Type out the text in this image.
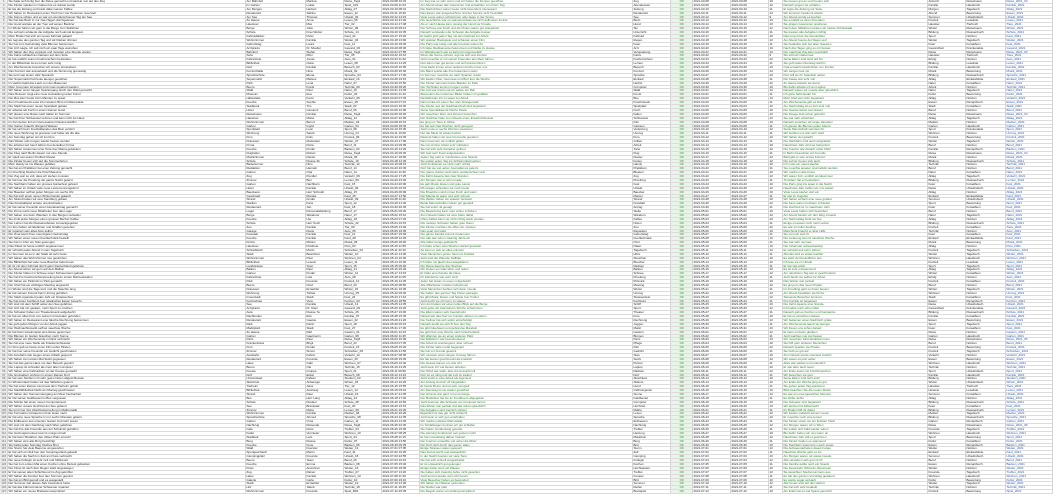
1	Sie hatte sich fertig fuer die Reise gemacht und wartete nun auf den Zug	Am Bahnhof	Martina	Reise_Tag1	2021-03-08 10:22	Im Zug war es sehr warm und wir haben die Fenster geoeffnet	Zug	OK	2021-03-08	2021-03-08	10	Sie kamen gut an und freuten sich	Ankunft	Reisebuero	Reise_2021_03
2	Die Kinder spielten im Garten bis es dunkel wurde	Im Garten	Lukas	Spiel_A01	2021-03-09 11:04	Am Abend assen alle zusammen und erzaehlten von ihrem Tag	Abendessen	OK	2021-03-09	2021-03-09	12	Danach gingen sie schlafen	Familie	Hausbuch	Familie_2021
3	Er las die Zeitung und trank dabei seinen Kaffee	Am Morgen	Herbert	Alltag_07	2021-03-10 08:41	Die Nachrichten waren heute nicht besonders interessant	Zeitung	OK	2021-03-10	2021-03-10	11	Er legte die Zeitung zur Seite	Morgen	Tagebuch	Alltag_2021
4	Wir haben im Restaurant einen Tisch fuer vier Personen reserviert	Restaurant	Sabine	Essen_12	2021-03-11 19:30	Das Essen war ausgezeichnet und der Service sehr freundlich	Restaurant	OK	2021-03-11	2021-03-11	14	Wir kommen bestimmt wieder	Abend	Bewertung	Essen_2021
5	Die Sonne schien und es war ein wunderschoener Tag am See	Am See	Thomas	Urlaub_03	2021-03-12 14:15	Viele Leute waren schwimmen oder lagen in der Sonne	See	OK	2021-03-12	2021-03-12	9	Am Abend wurde es kuehler	Sommer	Urlaubsbuch	Urlaub_2021
6	Sie hat das Buch in nur zwei Tagen durchgelesen	Zu Hause	Anna	Lesen_05	2021-03-13 21:02	Die Geschichte war so spannend dass sie nicht aufhoeren konnte	Buch	OK	2021-03-13	2021-03-13	13	Sie empfahl es ihren Freunden	Freizeit	Leseliste	Lesen_2021
7	Der Hund wartete an der Tuer auf seinen Besitzer	Haustuer	Max	Tier_02	2021-03-14 17:48	Als er nach Hause kam, sprang der Hund vor Freude	Hund	OK	2021-03-14	2021-03-14	10	Sie gingen zusammen spazieren	Haustier	Tierbuch	Tiere_2021
8	Im Winter fahren wir gern in die Berge zum Skifahren	Berge	Julia	Winter_09	2021-03-15 09:12	Der Schnee war frisch und die Pisten waren gut praepariert	Ski	OK	2021-03-15	2021-03-15	12	Nach dem Skifahren tranken wir heisse Schokolade	Winter	Reisebuero	Winter_2021
9	Die Lehrerin erklaerte die Aufgabe noch einmal langsam	Schule	Frau Weber	Schule_14	2021-03-16 10:35	Danach verstanden die Schueler die Aufgabe besser	Unterricht	OK	2021-03-16	2021-03-16	11	Sie loesten alle Aufgaben richtig	Bildung	Klassenbuch	Schule_2021
10	Mein Bruder hat sich ein neues Fahrrad gekauft	Fahrradladen	Peter	Kauf_21	2021-03-17 15:20	Er faehrt jetzt jeden Tag mit dem Fahrrad zur Arbeit	Fahrrad	OK	2021-03-17	2021-03-17	10	Das ist gut fuer die Gesundheit	Sport	Notizen	Kauf_2021
11	Es regnete den ganzen Tag und wir blieben drinnen	Wohnzimmer	Familie	Wetter_04	2021-03-18 13:00	Wir spielten Brettspiele und schauten einen Film	Regen	OK	2021-03-18	2021-03-18	12	Am Abend hoerte der Regen auf	Wetter	Tagebuch	Wetter_2021
12	Sie hat zum Geburtstag viele Blumen bekommen	Geburtstag	Laura	Fest_11	2021-03-19 18:45	Die Party war lustig und alle Freunde waren da	Feier	OK	2021-03-19	2021-03-19	11	Sie bedankte sich bei allen Gaesten	Feier	Fotoalbum	Fest_2021
13	Der Arzt sagte, ich soll mich ein paar Tage ausruhen	Arztpraxis	Dr. Mueller	Gesund_06	2021-03-20 08:30	Ich habe Medikamente bekommen und bleibe zu Hause	Arzt	OK	2021-03-20	2021-03-20	10	Nach drei Tagen ging es mir besser	Gesundheit	Krankenakte	Gesund_2021
14	Wir haben den Zug verpasst und mussten eine Stunde warten	Bahnhof	Stefan	Reise_Tag2	2021-03-21 07:55	Im Wartebereich war es kalt und ungemuetlich	Verspaetung	OK	2021-03-21	2021-03-21	13	Der naechste Zug kam puenktlich	Reise	Reisebuero	Reise_2021_03
15	Die Katze schlaeft am liebsten auf dem Sofa	Sofa	Mimi	Tier_05	2021-03-22 16:10	Wenn die Sonne scheint, legt sie sich ans Fenster	Katze	OK	2021-03-22	2021-03-22	9	Sie schnurrt dabei laut	Haustier	Tierbuch	Tiere_2021
16	Er hat endlich seinen Fuehrerschein bestanden	Fahrschule	Jonas	Auto_01	2021-03-23 11:40	Jetzt moechte er mit seinen Freunden ans Meer fahren	Fuehrerschein	OK	2021-03-23	2021-03-23	12	Seine Eltern sind stolz auf ihn	Erfolg	Notizen	Auto_2021
17	In der Bibliothek ist es immer sehr ruhig	Bibliothek	Clara	Lesen_08	2021-03-24 14:25	Dort kann man gut lernen und sich konzentrieren	Lernen	OK	2021-03-24	2021-03-24	11	Sie geht jeden Dienstag dorthin	Bildung	Leseliste	Lesen_2021
18	Am Wochenende besuchen wir unsere Grosseltern	Dorf	Familie	Besuch_03	2021-03-25 10:05	Oma backt immer einen leckeren Kuchen fuer uns	Besuch	OK	2021-03-25	2021-03-25	10	Opa erzaehlt Geschichten von frueher	Familie	Hausbuch	Familie_2021
19	Das Konzert war ausverkauft und die Stimmung grossartig	Konzerthalle	Nina	Musik_02	2021-03-26 20:30	Die Band spielte alle ihre bekannten Lieder	Konzert	OK	2021-03-26	2021-03-26	14	Wir sangen laut mit	Musik	Bewertung	Musik_2021
20	Sie lernt seit einem Jahr Spanisch	Sprachschule	Elena	Sprache_04	2021-03-27 17:00	Im Sommer moechte sie nach Spanien reisen	Sprache	OK	2021-03-27	2021-03-27	10	Dort will sie ihr Spanisch ueben	Bildung	Klassenbuch	Sprache_2021
21	Der Supermarkt hat heute laenger geoeffnet	Supermarkt	Markus	Einkauf_16	2021-03-28 19:15	Wir kaufen Obst, Gemuese und Brot fuer die Woche	Einkauf	OK	2021-03-28	2021-03-28	11	Die Kasse war sehr voll	Alltag	Einkaufsliste	Einkauf_2021
22	Im Herbst faellt das Laub von den Baeumen	Park	Lena	Natur_07	2021-03-29 15:50	Die Kinder sammeln bunte Blaetter im Park	Herbst	OK	2021-03-29	2021-03-29	12	Zu Hause basteln sie damit	Natur	Fotoalbum	Natur_2021
23	Mein Computer ist kaputt und muss repariert werden	Buero	Frank	Technik_09	2021-03-30 09:20	Der Techniker kommt morgen vorbei	Computer	OK	2021-03-30	2021-03-30	10	Bis dahin arbeite ich am Laptop	Arbeit	Notizen	Technik_2021
24	Wir haben einen langen Spaziergang durch den Wald gemacht	Wald	Paul	Natur_10	2021-03-31 13:35	Die Luft war frisch und wir sahen ein Reh	Wald	OK	2021-03-31	2021-03-31	12	Danach waren wir muede aber gluecklich	Natur	Tagebuch	Natur_2021
25	Das Museum zeigt eine neue Ausstellung ueber Kunst	Museum	Eva	Kultur_03	2021-04-01 11:10	Besonders die modernen Bilder haben mir gefallen	Kunst	OK	2021-04-01	2021-04-01	11	Ich gehe bald wieder hin	Kultur	Bewertung	Kultur_2021
26	Der Bus kam heute zehn Minuten zu spaet	Haltestelle	Kevin	Verkehr_05	2021-04-02 07:45	Deshalb kam ich zu spaet zur Arbeit	Bus	OK	2021-04-02	2021-04-02	10	Mein Chef war nicht begeistert	Alltag	Notizen	Verkehr_2021
27	Zum Fruehstueck esse ich meistens Brot mit Marmelade	Kueche	Sophie	Essen_18	2021-04-03 07:10	Dazu trinke ich einen Tee oder Orangensaft	Fruehstueck	OK	2021-04-03	2021-04-03	11	Am Wochenende gibt es Eier	Essen	Rezeptbuch	Essen_2021
28	Die Stadt hat einen neuen Spielplatz gebaut	Stadtpark	Tim	Stadt_02	2021-04-04 16:30	Die Kinder aus der Nachbarschaft sind begeistert	Spielplatz	OK	2021-04-04	2021-04-04	12	Am Nachmittag ist es dort sehr voll	Stadt	Fotoalbum	Stadt_2021
29	Er arbeitet als Koch in einem kleinen Hotel	Hotel	Giovanni	Beruf_06	2021-04-05 12:00	Seine Spezialitaet ist frische Pasta	Koch	OK	2021-04-05	2021-04-05	10	Die Gaeste lieben sein Essen	Beruf	Notizen	Beruf_2021
30	Wir planen eine Reise nach Italien im Sommer	Reisebuero	Familie	Reise_Tag3	2021-04-06 18:20	Wir moechten Rom und Florenz besuchen	Italien	OK	2021-04-06	2021-04-06	13	Die Fluege sind schon gebucht	Reise	Reisebuero	Reise_2021_04
31	Sie hat ihren Schluessel verloren und kam nicht ins Haus	Haustuer	Maria	Alltag_12	2021-04-07 22:05	Der Nachbar hatte zum Glueck einen Ersatzschluessel	Schluessel	OK	2021-04-07	2021-04-07	12	Sie war sehr erleichtert	Alltag	Tagebuch	Alltag_2021
32	Im Fernsehen lief ein interessanter Dokumentarfilm	Wohnzimmer	Bernd	Medien_03	2021-04-08 20:15	Es ging um Tiere in Afrika	Film	OK	2021-04-08	2021-04-08	10	Danach sprachen wir lange darueber	Medien	Notizen	Medien_2021
33	Der Garten braucht dringend Wasser	Garten	Ingrid	Garten_04	2021-04-09 18:40	Es hat seit zwei Wochen nicht geregnet	Giessen	OK	2021-04-09	2021-04-09	11	Ich giesse die Blumen jeden Abend	Garten	Hausbuch	Garten_2021
34	Er hat sich beim Fussballspielen das Bein verletzt	Sportplatz	Leon	Sport_08	2021-04-10 15:30	Jetzt muss er sechs Wochen pausieren	Verletzung	OK	2021-04-10	2021-04-10	12	Seine Mannschaft vermisst ihn	Sport	Krankenakte	Sport_2021
35	Die neue Wohnung ist groesser und heller als die alte	Wohnung	Sarah	Umzug_01	2021-04-11 10:00	Nur die Miete ist etwas hoeher	Umzug	OK	2021-04-11	2021-04-11	11	Wir fuehlen uns dort sehr wohl	Wohnen	Notizen	Umzug_2021
36	Am Sonntag gehen wir oft ins Kino	Kino	Felix	Freizeit_09	2021-04-12 19:45	Diesmal haben wir eine Komoedie gesehen	Kino	OK	2021-04-12	2021-04-12	10	Wir haben viel gelacht	Freizeit	Bewertung	Freizeit_2021
37	Das Wetter soll morgen wieder besser werden	Draussen	Moderator	Wetter_07	2021-04-13 17:00	Dann koennen wir endlich grillen	Grillen	OK	2021-04-13	2021-04-13	11	Die Nachbarn sind auch eingeladen	Wetter	Tagebuch	Wetter_2021
38	Sie arbeitet seit fuenf Jahren bei derselben Firma	Firma	Petra	Beruf_11	2021-04-14 09:05	Sie ist mit ihrer Arbeit sehr zufrieden	Arbeit	OK	2021-04-14	2021-04-14	10	Naechstes Jahr wird sie befoerdert	Beruf	Notizen	Beruf_2021
39	Wir haben zusammen eine Torte fuer Mama gebacken	Kueche	Kinder	Backen_02	2021-04-15 14:20	Sie hat sich sehr darueber gefreut	Torte	OK	2021-04-15	2021-04-15	12	Die Kueche war danach voller Mehl	Familie	Rezeptbuch	Backen_2021
40	Der Flug nach Berlin dauert nur eine Stunde	Flughafen	Robert	Reise_Tag4	2021-04-16 06:30	Wir sind sehr frueh aufgestanden	Flug	OK	2021-04-16	2021-04-16	11	In Berlin besuchten wir Freunde	Reise	Reisebuero	Reise_2021_04
41	Er spielt seit seiner Kindheit Klavier	Musikzimmer	Daniel	Musik_06	2021-04-17 18:00	Jeden Tag uebt er mindestens eine Stunde	Klavier	OK	2021-04-17	2021-04-17	10	Bald gibt er sein erstes Konzert	Musik	Notizen	Musik_2021
42	Die Kinder freuen sich auf die Sommerferien	Schule	Klasse 4b	Schule_19	2021-04-18 12:30	Sie wollen jeden Tag ins Schwimmbad gehen	Ferien	OK	2021-04-18	2021-04-18	12	Die Lehrer freuen sich auch	Bildung	Klassenbuch	Schule_2021
43	Mein Handy ist ins Wasser gefallen	Badezimmer	Nico	Technik_12	2021-04-19 08:15	Jetzt funktioniert es nicht mehr richtig	Handy	OK	2021-04-19	2021-04-19	10	Ich muss ein neues kaufen	Technik	Notizen	Technik_2021
44	Sie hat ein Praktikum bei einer Zeitung gemacht	Redaktion	Hannah	Beruf_14	2021-04-20 10:45	Dort hat sie viel ueber Journalismus gelernt	Praktikum	OK	2021-04-20	2021-04-20	11	Sie moechte spaeter Journalistin werden	Beruf	Notizen	Beruf_2021
45	Im Fruehling bluehen die Kirschbaeume	Garten	Opa	Natur_14	2021-04-21 11:30	Der ganze Garten sieht dann wunderschoen aus	Blueten	OK	2021-04-21	2021-04-21	10	Wir machen viele Fotos	Natur	Fotoalbum	Natur_2021
46	Der Zug war so voll, dass wir stehen mussten	Zug	Pendler	Verkehr_09	2021-04-22 17:25	Die Fahrt dauerte fast zwei Stunden	Zug	OK	2021-04-22	2021-04-22	12	Wir waren froh, endlich anzukommen	Alltag	Tagebuch	Verkehr_2021
47	Er hat fuer die Pruefung die ganze Nacht gelernt	Zimmer	Ben	Lernen_06	2021-04-23 23:40	Am Morgen war er sehr muede	Pruefung	OK	2021-04-23	2021-04-23	11	Trotzdem hat er bestanden	Bildung	Klassenbuch	Lernen_2021
48	Die Nachbarn haben ein grosses Gartenfest gefeiert	Garten	Nachbarn	Fest_15	2021-04-24 20:00	Es gab Musik, Essen und gute Laune	Fest	OK	2021-04-24	2021-04-24	10	Die Party ging bis spaet in die Nacht	Feier	Fotoalbum	Fest_2021
49	Wir haben im Urlaub viele neue Leute kennengelernt	Hotel	Familie	Urlaub_06	2021-04-25 16:15	Mit einigen schreiben wir noch heute	Urlaub	OK	2021-04-25	2021-04-25	12	Naechstes Jahr treffen wir uns wieder	Reise	Urlaubsbuch	Urlaub_2021
50	Der Baecker oeffnet jeden Morgen um sechs Uhr	Baeckerei	Herr Schmidt	Alltag_15	2021-04-26 06:00	Die Broetchen sind immer frisch und warm	Baecker	OK	2021-04-26	2021-04-26	10	Viele Leute kaufen dort ein	Alltag	Notizen	Alltag_2021
51	Sie hat sich einen neuen Wintermantel gekauft	Geschaeft	Monika	Kauf_25	2021-04-27 14:50	Der Mantel ist warm und sehr schoen	Mantel	OK	2021-04-27	2021-04-27	11	Er war im Angebot	Einkauf	Einkaufsliste	Kauf_2021
52	Am Strand haben wir eine Sandburg gebaut	Strand	Kinder	Urlaub_09	2021-04-28 11:20	Die Wellen haben sie spaeter zerstoert	Strand	OK	2021-04-28	2021-04-28	10	Wir haben einfach eine neue gebaut	Sommer	Urlaubsbuch	Urlaub_2021
53	Das Fussballspiel endete unentschieden	Stadion	Fans	Sport_12	2021-04-29 21:30	Beide Mannschaften haben gut gespielt	Fussball	OK	2021-04-29	2021-04-29	12	Die Fans waren trotzdem zufrieden	Sport	Bewertung	Sport_2021
54	Er hat seiner Freundin einen Heiratsantrag gemacht	Restaurant	Jan	Fest_18	2021-04-30 20:45	Sie hat sofort Ja gesagt	Antrag	OK	2021-04-30	2021-04-30	11	Die Hochzeit ist im naechsten Jahr	Feier	Fotoalbum	Fest_2021
55	Die Firma sucht neue Mitarbeiter fuer das Lager	Lager	Personalabteilung	Beruf_17	2021-05-01 09:30	Die Bewerbung kann man online schicken	Stelle	OK	2021-05-01	2021-05-01	10	Viele Leute haben sich beworben	Beruf	Notizen	Beruf_2021
56	Wir haben uns beim Wandern in den Bergen verlaufen	Berge	Wanderer	Natur_17	2021-05-02 15:10	Zum Glueck hatten wir eine Karte dabei	Wandern	OK	2021-05-02	2021-05-02	12	Am Abend fanden wir den Weg zurueck	Natur	Tagebuch	Natur_2021
57	Sie trinkt jeden Morgen einen grossen Becher Kaffee	Kueche	Ute	Alltag_18	2021-05-03 07:20	Ohne Kaffee kann sie nicht richtig wach werden	Kaffee	OK	2021-05-03	2021-05-03	10	Am Nachmittag trinkt sie Tee	Alltag	Notizen	Alltag_2021
58	Der Lehrer hat die Klassenarbeiten zurueckgegeben	Schule	Herr Koch	Schule_22	2021-05-04 10:15	Die meisten Schueler hatten gute Noten	Noten	OK	2021-05-04	2021-05-04	11	Einige muessen noch mehr ueben	Bildung	Klassenbuch	Schule_2021
59	Im Zoo haben wir Elefanten und Giraffen gesehen	Zoo	Familie	Tier_09	2021-05-05 13:40	Die Kinder mochten die Affen am meisten	Zoo	OK	2021-05-05	2021-05-05	12	Es war ein toller Ausflug	Freizeit	Fotoalbum	Tiere_2021
60	Er repariert sein altes Auto selbst	Garage	Klaus	Auto_05	2021-05-06 16:05	Das spart viel Geld	Reparatur	OK	2021-05-06	2021-05-06	10	Manchmal braucht er aber Hilfe	Technik	Notizen	Auto_2021
61	Die Oma feiert ihren neunzigsten Geburtstag	Festsaal	Familie	Fest_21	2021-05-07 15:00	Die ganze Familie kommt zusammen	Geburtstag	OK	2021-05-07	2021-05-07	11	Sie ist noch sehr fit	Feier	Fotoalbum	Fest_2021
62	Wir haben einen neuen Kuehlschrank bestellt	Kueche	Familie	Kauf_28	2021-05-08 12:25	Der alte war schon zwanzig Jahre alt	Kuehlschrank	OK	2021-05-08	2021-05-08	10	Die Lieferung kommt naechste Woche	Einkauf	Einkaufsliste	Kauf_2021
63	Sie hat im Chor ein Solo gesungen	Kirche	Miriam	Musik_09	2021-05-09 18:30	Alle haben lange geklatscht	Chor	OK	2021-05-09	2021-05-09	11	Sie war sehr nervoes	Musik	Bewertung	Musik_2021
64	Das Paket ist heute endlich angekommen	Haustuer	Postbote	Post_03	2021-05-10 11:55	Ich hatte schon zwei Wochen darauf gewartet	Paket	OK	2021-05-10	2021-05-10	10	Der Inhalt war unbeschaedigt	Alltag	Notizen	Post_2021
65	Er schreibt jeden Abend in sein Tagebuch	Schreibtisch	Moritz	Schreiben_02	2021-05-11 22:10	So kann er sich an alles erinnern	Tagebuch	OK	2021-05-11	2021-05-11	12	Er schreibt seit zehn Jahren	Freizeit	Tagebuch	Schreiben_2021
66	Im Sommer ist es in der Stadt oft sehr heiss	Stadt	Bewohner	Wetter_10	2021-05-12 14:00	Viele Menschen gehen dann ins Freibad	Hitze	OK	2021-05-12	2021-05-12	11	Abends wird es etwas kuehler	Wetter	Tagebuch	Wetter_2021
67	Wir haben das Wohnzimmer neu gestrichen	Wohnzimmer	Paar	Wohnen_04	2021-05-13 10:30	Jetzt sind die Waende hellblau	Streichen	OK	2021-05-13	2021-05-13	10	Es sieht viel freundlicher aus	Wohnen	Hausbuch	Wohnen_2021
68	Die Bibliothek hat viele neue Buecher bekommen	Bibliothek	Leserin	Lesen_11	2021-05-14 16:20	Ich habe mir gleich drei ausgeliehen	Buecher	OK	2021-05-14	2021-05-14	12	Ich lese sie im Urlaub	Freizeit	Leseliste	Lesen_2021
69	Er ist mit dem Fahrrad durch ganz Deutschland gefahren	Landstrasse	Sven	Sport_15	2021-05-15 09:00	Die Reise dauerte drei Wochen	Radtour	OK	2021-05-15	2021-05-15	11	Er hat viel erlebt	Sport	Tagebuch	Sport_2021
70	Am Abend sitzen wir gern auf dem Balkon	Balkon	Paar	Alltag_21	2021-05-16 20:40	Wir trinken ein Glas Wein und reden	Balkon	OK	2021-05-16	2021-05-16	10	Es ist sehr entspannend	Alltag	Tagebuch	Alltag_2021
71	Die Kinder haben im Schnee einen Schneemann gebaut	Garten	Kinder	Winter_12	2021-05-17 13:15	Er hatte eine Karotte als Nase	Schnee	OK	2021-05-17	2021-05-17	12	Am naechsten Tag war er geschmolzen	Winter	Fotoalbum	Winter_2021
72	Sie hat ihre Fuehrerscheinpruefung beim ersten Mal bestanden	Fahrschule	Lisa	Auto_08	2021-05-18 11:05	Ihr Fahrlehrer war sehr stolz	Pruefung	OK	2021-05-18	2021-05-18	11	Jetzt faehrt sie selbst zur Arbeit	Erfolg	Notizen	Auto_2021
73	Wir haben ein Picknick im Park gemacht	Park	Freunde	Freizeit_12	2021-05-19 12:45	Jeder hat etwas zu essen mitgebracht	Picknick	OK	2021-05-19	2021-05-19	10	Das Wetter war perfekt	Freizeit	Fotoalbum	Freizeit_2021
74	Der Chef hat ein wichtiges Meeting angesetzt	Buero	Chef	Beruf_20	2021-05-20 08:50	Alle Mitarbeiter mussten teilnehmen	Meeting	OK	2021-05-20	2021-05-20	12	Es ging um das neue Projekt	Beruf	Notizen	Beruf_2021
75	Im Winter sind die Tage kurz und die Naechte lang	Draussen	Erzaehler	Winter_15	2021-05-21 16:30	Viele Menschen fuehlen sich dann muede	Winter	OK	2021-05-21	2021-05-21	11	Im Fruehling geht es ihnen besser	Winter	Tagebuch	Winter_2021
76	Er hat seinem Freund beim Umzug geholfen	Wohnung	Tobias	Umzug_05	2021-05-22 09:40	Sie haben den ganzen Tag Kisten getragen	Umzug	OK	2021-05-22	2021-05-22	10	Am Abend bestellten sie Pizza	Wohnen	Notizen	Umzug_2021
77	Die Stadt organisiert jedes Jahr ein Strassenfest	Innenstadt	Stadt	Fest_24	2021-05-23 17:10	Es gibt Musik, Essen und Spiele fuer Kinder	Strassenfest	OK	2021-05-23	2021-05-23	12	Tausende Besucher kommen	Stadt	Fotoalbum	Fest_2021
78	Sie hat einen Kochkurs fuer asiatisches Essen besucht	Kochschule	Vera	Kochen_03	2021-05-24 18:55	Jetzt kocht sie oft Curry zu Hause	Kochkurs	OK	2021-05-24	2021-05-24	11	Ihre Familie ist begeistert	Essen	Rezeptbuch	Kochen_2021
79	Wir sind mit dem Schiff ueber den See gefahren	See	Familie	Urlaub_12	2021-05-25 14:35	Von dort hatten wir einen tollen Blick auf die Berge	Schiff	OK	2021-05-25	2021-05-25	10	Die Fahrt dauerte eine Stunde	Reise	Urlaubsbuch	Urlaub_2021
80	Der Arzt hat mir geraten, mehr Sport zu machen	Arztpraxis	Dr. Klein	Gesund_09	2021-05-26 10:20	Jetzt gehe ich zweimal pro Woche schwimmen	Sport	OK	2021-05-26	2021-05-26	12	Ich fuehle mich schon fitter	Gesundheit	Krankenakte	Gesund_2021
81	Die Schueler haben ein Theaterstueck aufgefuehrt	Aula	Klasse 7a	Schule_25	2021-05-27 19:00	Die Eltern waren sehr beeindruckt	Theater	OK	2021-05-27	2021-05-27	11	Danach gab es Kuchen und Getraenke	Bildung	Klassenbuch	Schule_2021
82	Er hat ein altes Foto von seinem Grossvater gefunden	Dachboden	Erik	Familie_07	2021-05-28 15:45	Darauf war das Dorf vor hundert Jahren zu sehen	Foto	OK	2021-05-28	2021-05-28	10	Er hat es einrahmen lassen	Familie	Fotoalbum	Familie_2021
83	Wir haben im Restaurant eine falsche Rechnung bekommen	Restaurant	Gaeste	Essen_22	2021-05-29 21:20	Der Kellner hat sich sofort entschuldigt	Rechnung	OK	2021-05-29	2021-05-29	12	Wir bekamen einen Nachtisch gratis	Essen	Bewertung	Essen_2021
84	Sie geht jeden Morgen vor der Arbeit joggen	Park	Katrin	Sport_18	2021-05-30 06:15	Danach fuehlt sie sich fit fuer den Tag	Joggen	OK	2021-05-30	2021-05-30	11	Am Wochenende laeuft sie laenger	Sport	Tagebuch	Sport_2021
85	Der Weihnachtsmarkt oeffnet naechste Woche	Marktplatz	Stadt	Fest_27	2021-05-31 17:30	Es gibt Gluehwein und gebrannte Mandeln	Markt	OK	2021-05-31	2021-05-31	10	Wir freuen uns schon darauf	Feier	Fotoalbum	Fest_2021
86	Er hat beim Gewinnspiel eine Reise gewonnen	Zu Hause	Ralf	Gewinn_01	2021-06-01 12:10	Es geht fuer eine Woche nach Griechenland	Gewinn	OK	2021-06-01	2021-06-01	12	Er kann es kaum glauben	Reise	Notizen	Gewinn_2021
87	Die Blumen im Garten brauchen mehr Sonne	Garten	Gaertnerin	Garten_08	2021-06-02 11:25	Wir pflanzen sie an einen anderen Platz	Blumen	OK	2021-06-02	2021-06-02	11	Jetzt wachsen sie viel besser	Garten	Hausbuch	Garten_2021
88	Wir haben ein Wochenende in Paris verbracht	Paris	Paar	Reise_Tag5	2021-06-03 16:00	Der Eiffelturm war beeindruckend	Paris	OK	2021-06-03	2021-06-03	13	Wir moechten bald wiederkommen	Reise	Reisebuero	Reise_2021_06
89	Sie hat eine neue Stelle als Krankenschwester	Krankenhaus	Birgit	Beruf_23	2021-06-04 07:35	Die Arbeit ist anstrengend, aber schoen	Pflege	OK	2021-06-04	2021-06-04	10	Sie hilft gern anderen Menschen	Beruf	Notizen	Beruf_2021
90	Im Kino gab es heute einen Film ueber Piraten	Kino	Kinder	Freizeit_15	2021-06-05 15:20	Die Kinder waren total begeistert	Film	OK	2021-06-05	2021-06-05	12	Danach spielten sie Piraten	Freizeit	Bewertung	Freizeit_2021
91	Er hat fuer seine Freundin ein Gedicht geschrieben	Zimmer	Simon	Schreiben_05	2021-06-06 21:50	Sie hat vor Freude geweint	Gedicht	OK	2021-06-06	2021-06-06	11	Sie hebt es gut auf	Freizeit	Tagebuch	Schreiben_2021
92	Die Autobahn war wegen eines Unfalls gesperrt	Autobahn	Fahrer	Verkehr_12	2021-06-07 08:05	Wir mussten einen langen Umweg fahren	Stau	OK	2021-06-07	2021-06-07	10	Zum Glueck wurde niemand verletzt	Verkehr	Notizen	Verkehr_2021
93	Wir haben zum ersten Mal Sushi gegessen	Restaurant	Freunde	Essen_25	2021-06-08 19:35	Es hat besser geschmeckt als erwartet	Sushi	OK	2021-06-08	2021-06-08	12	Wir essen es jetzt oefter	Essen	Bewertung	Essen_2021
94	Sie hat das ganze Haus vor dem Besuch geputzt	Haus	Gabi	Wohnen_07	2021-06-09 10:40	Die Gaeste kamen um drei Uhr	Putzen	OK	2021-06-09	2021-06-09	11	Alles war sauber und ordentlich	Wohnen	Hausbuch	Wohnen_2021
95	Der Laptop ist schneller als mein alter Computer	Buero	Ole	Technik_15	2021-06-10 13:25	Jetzt kann ich viel besser arbeiten	Laptop	OK	2021-06-10	2021-06-10	10	Er war aber auch teuer	Technik	Notizen	Technik_2021
96	Wir haben eine Fahrradtour an der Kueste gemacht	Kueste	Gruppe	Sport_21	2021-06-11 09:50	Der Wind war stark, aber die Aussicht toll	Radtour	OK	2021-06-11	2021-06-11	12	Am Ende assen wir Fischbroetchen	Sport	Urlaubsbuch	Sport_2021
97	Die Grosseltern wohnen in einem kleinen Dorf	Dorf	Enkel	Besuch_08	2021-06-12 14:10	Dort ist es ruhig und die Luft ist sauber	Dorf	OK	2021-06-12	2021-06-12	11	Wir besuchen sie gern	Familie	Hausbuch	Familie_2021
98	Er hat sein Studium mit sehr guten Noten abgeschlossen	Universitaet	Fabian	Studium_03	2021-06-13 11:45	Jetzt sucht er eine Arbeit als Ingenieur	Abschluss	OK	2021-06-13	2021-06-13	10	Seine Eltern sind sehr stolz	Bildung	Notizen	Studium_2021
99	Im Winterurlaub haben wir das Skifahren gelernt	Skischule	Anfaenger	Winter_18	2021-06-14 10:25	Am Anfang sind wir oft hingefallen	Skikurs	OK	2021-06-14	2021-06-14	12	Am Ende der Woche ging es gut	Winter	Urlaubsbuch	Winter_2021
100 Sie hat einen kleinen Hund aus dem Tierheim geholt	Tierheim	Jana	Tier_12	2021-06-15 15:55	Er heisst Bruno und ist sehr verspielt	Hund	OK	2021-06-15	2021-06-15	11	Sie gehen jeden Tag spazieren	Haustier	Tierbuch	Tiere_2021
101 Die Stadtbibliothek bleibt am Montag geschlossen	Bibliothek	Aushang	Lesen_14	2021-06-16 09:10	Am Dienstag ist sie wieder geoeffnet	Oeffnungszeit	OK	2021-06-16	2021-06-16	10	Bitte beachten Sie die neuen Zeiten	Hinweis	Leseliste	Lesen_2021
102 Wir haben den Sonnenuntergang am Meer beobachtet	Strand	Paar	Urlaub_15	2021-06-17 21:05	Der Himmel war ganz rot und orange	Sonne	OK	2021-06-17	2021-06-17	12	Es war ein unvergesslicher Moment	Sommer	Fotoalbum	Urlaub_2021
103 Er hat seinen Geldbeutel im Bus vergessen	Bus	Herr Lang	Alltag_24	2021-06-18 17:40	Der Busfahrer hat ihn im Fundbuero abgegeben	Geldbeutel	OK	2021-06-18	2021-06-18	11	Es fehlte nichts	Alltag	Notizen	Alltag_2021
104 Die Schule hat einen neuen Computerraum	Schule	Direktor	Schule_28	2021-06-19 10:50	Jetzt koennen alle Schueler am Computer lernen	Computer	OK	2021-06-19	2021-06-19	10	Die Schueler sind begeistert	Bildung	Klassenbuch	Schule_2021
105 Wir haben unsere Hochzeit am See gefeiert	See	Brautpaar	Fest_30	2021-06-20 16:15	Das Wetter war perfekt und alle waren gluecklich	Hochzeit	OK	2021-06-20	2021-06-20	13	Wir tanzten bis Mitternacht	Feier	Fotoalbum	Fest_2021
106 Sie lernt fuer ihre Abschlusspruefung in Mathematik	Zimmer	Marie	Lernen_09	2021-06-21 19:30	Die Aufgaben sind ziemlich schwer	Mathe	OK	2021-06-21	2021-06-21	11	Ihr Bruder hilft ihr dabei	Bildung	Klassenbuch	Lernen_2021
107 Der Fernseher ist kaputt und wir lesen mehr	Wohnzimmer	Familie	Medien_06	2021-06-22 20:20	Eigentlich ist das gar nicht schlecht	Lesen	OK	2021-06-22	2021-06-22	12	Wir kaufen vielleicht keinen neuen	Medien	Tagebuch	Medien_2021
108 Er hat eine neue Sprache in nur sechs Monaten gelernt	Sprachschule	Ahmed	Sprache_08	2021-06-23 12:35	Jetzt kann er sich gut unterhalten	Sprache	OK	2021-06-23	2021-06-23	10	Er moechte noch eine lernen	Bildung	Klassenbuch	Sprache_2021
109 Die Erdbeeren aus unserem Garten sind sehr suess	Garten	Oma	Garten_11	2021-06-24 14:45	Wir machen daraus Marmelade	Erdbeeren	OK	2021-06-24	2021-06-24	11	Die Kinder essen sie am liebsten frisch	Garten	Rezeptbuch	Garten_2021
110 Wir sind mit dem Nachtzug nach Wien gefahren	Nachtzug	Reisende	Reise_Tag6	2021-06-25 22:30	Im Schlafwagen konnten wir gut schlafen	Nachtzug	OK	2021-06-25	2021-06-25	12	Am Morgen waren wir in Wien	Reise	Reisebuero	Reise_2021_06
111 Sie hat ihre alte Freundin aus der Schulzeit getroffen	Cafe	Doris	Treffen_04	2021-06-26 15:05	Sie haben stundenlang geredet	Treffen	OK	2021-06-26	2021-06-26	11	Sie wollen sich bald wieder sehen	Freunde	Tagebuch	Treffen_2021
112 Der Heizungsmonteur kommt morgen frueh	Keller	Vermieter	Wohnen_10	2021-06-27 08:25	Die Heizung funktioniert seit gestern nicht	Heizung	OK	2021-06-27	2021-06-27	10	Bis dahin ziehen wir uns warm an	Wohnen	Hausbuch	Wohnen_2021
113 Er hat beim Marathon den dritten Platz erreicht	Stadtlauf	Lars	Sport_24	2021-06-28 11:15	Er hat monatelang dafuer trainiert	Marathon	OK	2021-06-28	2021-06-28	12	Naechstes Jahr will er gewinnen	Sport	Bewertung	Sport_2021
114 Wir haben eine alte Burg besichtigt	Burg	Klasse	Kultur_07	2021-06-29 13:50	Der Fuehrer erzaehlte viel ueber die Ritter	Burg	OK	2021-06-29	2021-06-29	11	Die Kinder fanden es spannend	Kultur	Fotoalbum	Kultur_2021
115 Sie backt jeden Sonntag frisches Brot	Kueche	Irene	Backen_05	2021-06-30 09:35	Der Duft zieht durch das ganze Haus	Brot	OK	2021-06-30	2021-06-30	10	Die Nachbarn bekommen auch etwas	Essen	Rezeptbuch	Backen_2021
116 Der Sturm hat viele Baeume umgeworfen	Wald	Foerster	Wetter_13	2021-07-01 07:05	Einige Strassen waren gesperrt	Sturm	OK	2021-07-01	2021-07-01	12	Die Aufraeumarbeiten dauern lange	Wetter	Notizen	Wetter_2021
117 Er hat sich ein Zelt fuer den Campingurlaub gekauft	Sportgeschaeft	Marco	Kauf_31	2021-07-02 16:25	Das Zelt ist leicht und wasserdicht	Zelt	OK	2021-07-02	2021-07-02	11	Naechste Woche geht es los	Einkauf	Einkaufsliste	Kauf_2021
118 Wir haben die Nacht im Zelt am Fluss verbracht	Campingplatz	Freunde	Urlaub_18	2021-07-03 22:55	In der Nacht hoerten wir viele Tiere	Camping	OK	2021-07-03	2021-07-03	10	Am Morgen waren wir etwas muede	Sommer	Urlaubsbuch	Urlaub_2021
119 Die neue Kollegin ist sehr nett und hilfsbereit	Buero	Team	Beruf_26	2021-07-04 10:10	Sie hat sich schnell eingearbeitet	Kollegin	OK	2021-07-04	2021-07-04	12	Alle verstehen sich gut mit ihr	Beruf	Notizen	Beruf_2021
120 Sie hat zum ersten Mal einen Kuchen ohne Rezept gebacken	Kueche	Emma	Backen_08	2021-07-05 15:40	Er ist erstaunlich gut gelungen	Kuchen	OK	2021-07-05	2021-07-05	11	Die Familie wollte noch ein Stueck	Essen	Rezeptbuch	Backen_2021
121 Der Fluss ist nach dem Regen stark angestiegen	Fluss	Anwohner	Wetter_16	2021-07-06 18:05	Einige Keller sind voll Wasser	Hochwasser	OK	2021-07-06	2021-07-06	10	Die Feuerwehr hilft beim Abpumpen	Wetter	Notizen	Wetter_2021
122 Er hat seinen alten Schulfreund im Zug getroffen	Zug	Rainer	Treffen_07	2021-07-07 13:20	Sie haben sich zwanzig Jahre nicht gesehen	Treffen	OK	2021-07-07	2021-07-07	12	Sie tauschten Telefonnummern aus	Freunde	Tagebuch	Treffen_2021
123 Wir haben die Fenster fuer den Sommer geputzt	Haus	Familie	Wohnen_13	2021-07-08 11:30	Jetzt kommt wieder viel Licht herein	Fenster	OK	2021-07-08	2021-07-08	11	Es hat den ganzen Vormittag gedauert	Wohnen	Hausbuch	Wohnen_2021
124 Sie hat ein Bild gemalt und es ausgestellt	Galerie	Carla	Kultur_10	2021-07-09 19:10	Viele Besucher haben es bewundert	Bild	OK	2021-07-09	2021-07-09	10	Es wurde sogar verkauft	Kultur	Bewertung	Kultur_2021
125 Der Sommer war dieses Jahr besonders heiss	Stadt	Erzaehler	Wetter_19	2021-07-10 14:30	Wir haben viel Wasser getrunken	Sommer	OK	2021-07-10	2021-07-10	12	Alle freuen sich auf den Herbst	Wetter	Tagebuch	Wetter_2021
126 Er hat das Fahrrad seiner Schwester repariert	Hof	Jakob	Technik_18	2021-07-11 16:45	Der Reifen war platt	Reifen	OK	2021-07-11	2021-07-11	11	Sie hat sich sehr bedankt	Technik	Notizen	Technik_2021
127 Wir haben ein neues Brettspiel ausprobiert	Wohnzimmer	Freunde	Spiel_B04	2021-07-12 20:35	Die Regeln waren am Anfang kompliziert	Brettspiel	OK	2021-07-12	2021-07-12	10	Am Ende hat es viel Spass gemacht	Freizeit	Bewertung	Spiel_2021
